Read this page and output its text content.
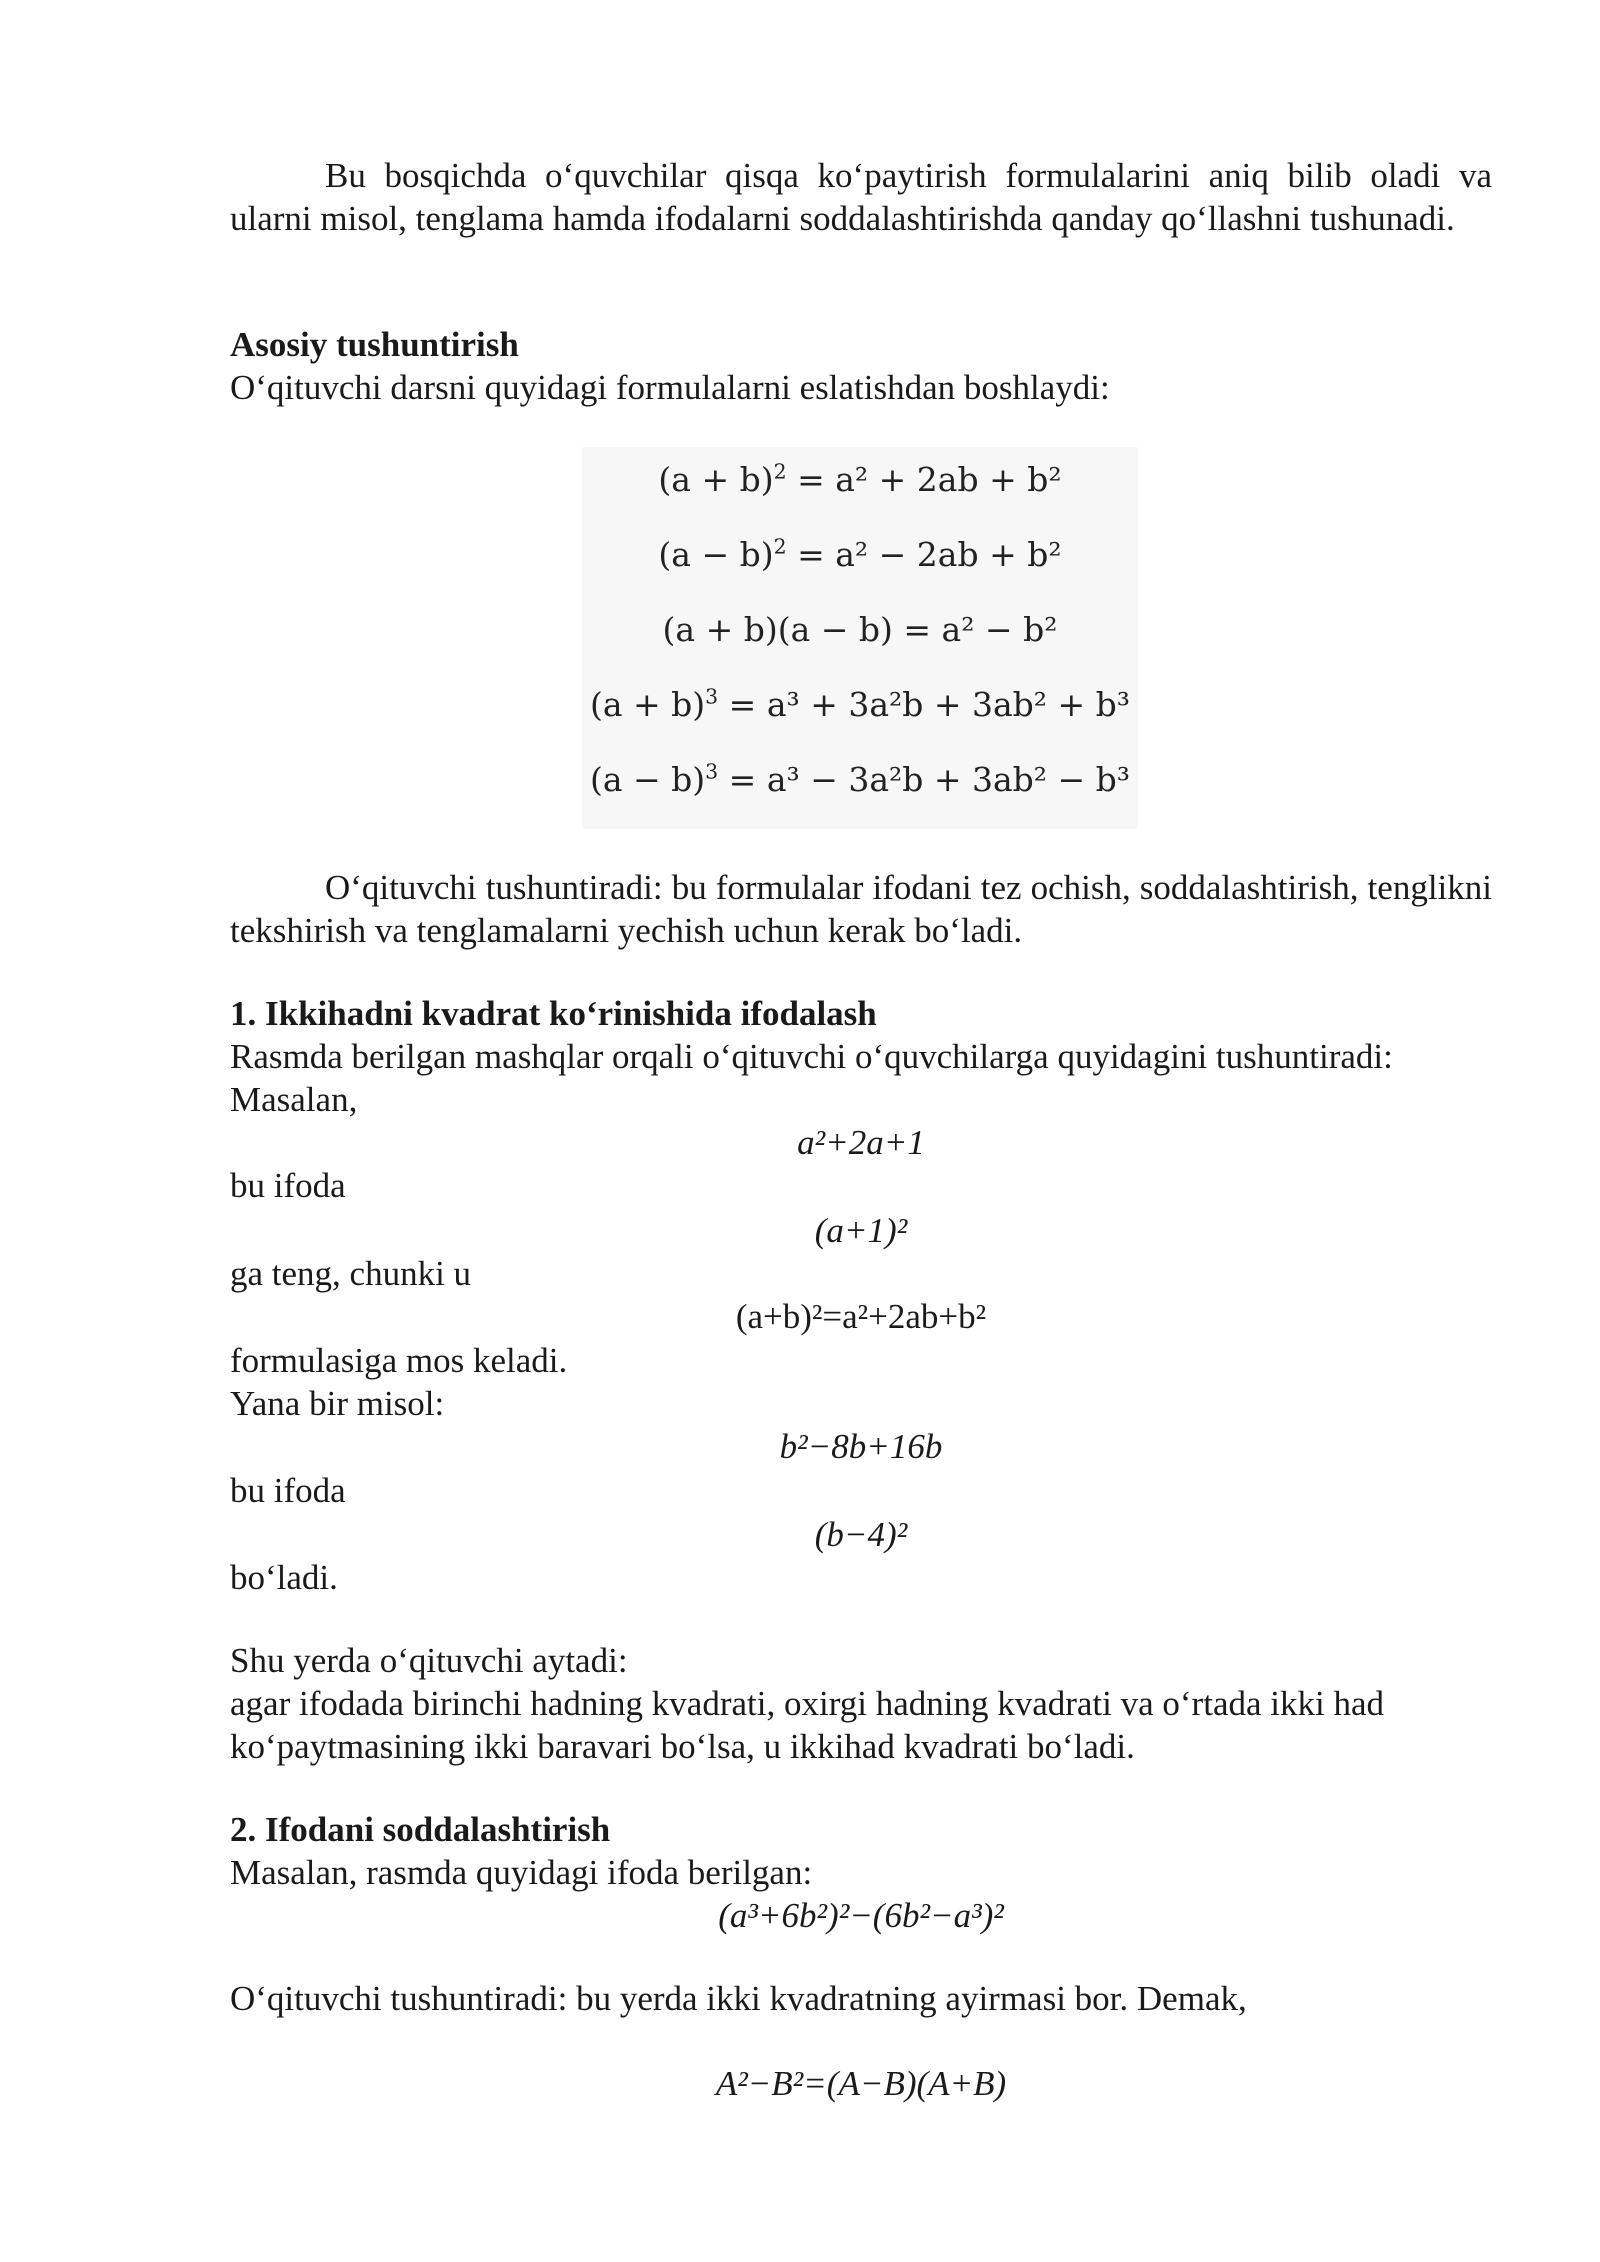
Bu bosqichda o‘quvchilar qisqa ko‘paytirish formulalarini aniq bilib oladi va ularni misol, tenglama hamda ifodalarni soddalashtirishda qanday qo‘llashni tushunadi.
Asosiy tushuntirish
O‘qituvchi darsni quyidagi formulalarni eslatishdan boshlaydi:
$(a + b)^2 = a^2 + 2ab + b^2$
$(a - b)^2 = a^2 - 2ab + b^2$
(a + b)(a − b) = a² − b²
$(a + b)^3 = a^3 + 3a^2b + 3ab^2 + b^3$
$(a - b)^3 = a^3 - 3a^2b + 3ab^2 - b^3$
O‘qituvchi tushuntiradi: bu formulalar ifodani tez ochish, soddalashtirish, tenglikni tekshirish va tenglamalarni yechish uchun kerak bo‘ladi.
1. Ikkihadni kvadrat ko‘rinishida ifodalash
Rasmda berilgan mashqlar orqali o‘qituvchi o‘quvchilarga quyidagini tushuntiradi:
Masalan,
a²+2a+1
bu ifoda
(a+1)²
ga teng, chunki u
(a+b)²=a²+2ab+b²
formulasiga mos keladi.
Yana bir misol:
b²−8b+16b
bu ifoda
(b−4)²
bo‘ladi.
Shu yerda o‘qituvchi aytadi:
agar ifodada birinchi hadning kvadrati, oxirgi hadning kvadrati va o‘rtada ikki had ko‘paytmasining ikki baravari bo‘lsa, u ikkihad kvadrati bo‘ladi.
2. Ifodani soddalashtirish
Masalan, rasmda quyidagi ifoda berilgan:
(a³+6b²)²−(6b²−a³)²
O‘qituvchi tushuntiradi: bu yerda ikki kvadratning ayirmasi bor. Demak,
A²−B²=(A−B)(A+B)
